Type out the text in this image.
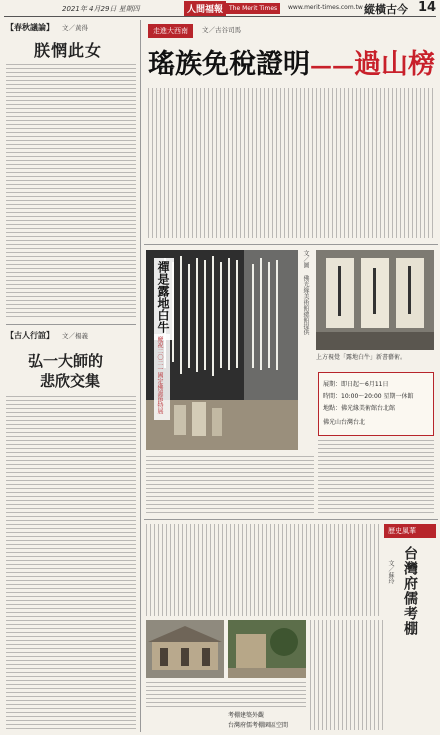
2021年 4月29日 星期四	人間福報 The Merit Times	www.merit-times.com.tw 縱橫古今 14
【春秋議論】 文／黃得
朕惘此女
【古人行誼】 文／楊義
弘一大師的
悲欣交集
走進大西南	文／古谷司馬
瑤族免稅證明——過山榜
禪是露地白牛
慶祝二〇二一國定佛誕節特展
文／圖 佛光緣美術館總館提供
上方視覺「露地白牛」新書藝術。
展期：即日起～6月11日
時間：10:00～20:00 星期一休館
地點：佛光緣美術館台北館
佛光山台灣台北
考棚建築外觀
台灣府儒考棚園區空間
歷史風華
台灣府儒考棚
文／蘇玲
